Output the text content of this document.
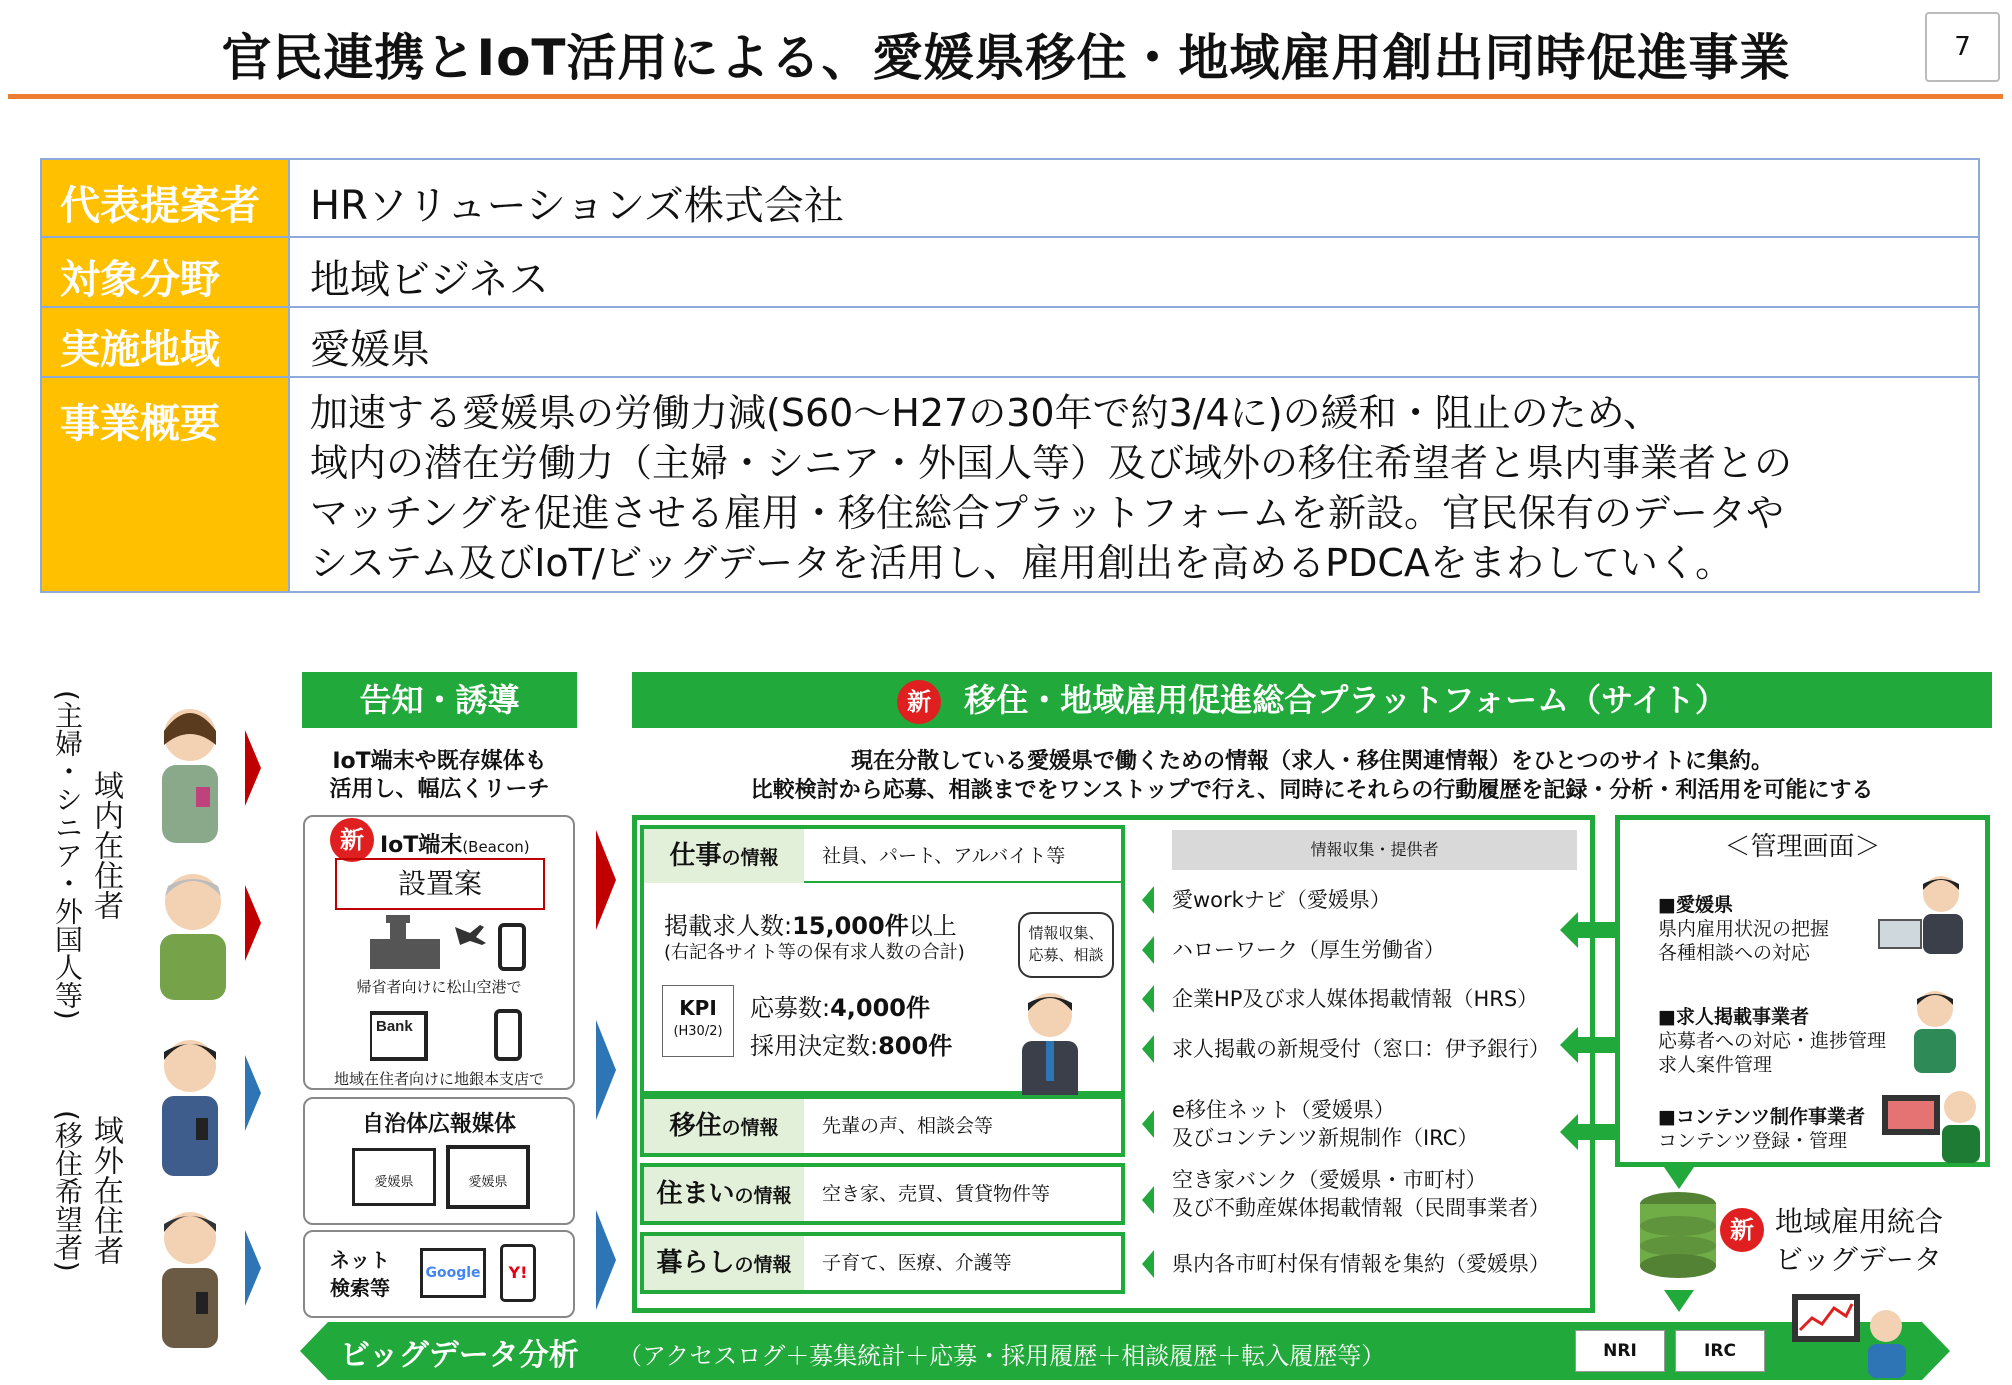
官民連携とIoT活用による、愛媛県移住・地域雇用創出同時促進事業	7
代表提案者	HRソリューションズ株式会社
対象分野	地域ビジネス
実施地域	愛媛県
事業概要	加速する愛媛県の労働力減(S60〜H27の30年で約3/4に)の緩和・阻止のため、
域内の潜在労働力（主婦・シニア・外国人等）及び域外の移住希望者と県内事業者との
マッチングを促進させる雇用・移住総合プラットフォームを新設。官民保有のデータや
システム及びIoT/ビッグデータを活用し、雇用創出を高めるPDCAをまわしていく。
(主婦・シニア・外国人等) 域内在住者
(移住希望者) 域外在住者
告知・誘導
IoT端末や既存媒体も
活用し、幅広くリーチ
新 IoT端末(Beacon)
設置案
帰省者向けに松山空港で
Bank
地域在住者向けに地銀本支店で
自治体広報媒体
愛媛県	愛媛県
ネット
検索等
Google	Y!
新 移住・地域雇用促進総合プラットフォーム（サイト）
現在分散している愛媛県で働くための情報（求人・移住関連情報）をひとつのサイトに集約。
比較検討から応募、相談までをワンストップで行え、同時にそれらの行動履歴を記録・分析・利活用を可能にする
仕事の情報	社員、パート、アルバイト等
掲載求人数:15,000件以上
(右記各サイト等の保有求人数の合計)
KPI
(H30/2)
応募数:4,000件
採用決定数:800件
情報収集、
応募、相談
移住の情報	先輩の声、相談会等
住まいの情報	空き家、売買、賃貸物件等
暮らしの情報	子育て、医療、介護等
情報収集・提供者
愛workナビ（愛媛県）
ハローワーク（厚生労働省）
企業HP及び求人媒体掲載情報（HRS）
求人掲載の新規受付（窓口：伊予銀行）
e移住ネット（愛媛県）
及びコンテンツ新規制作（IRC）
空き家バンク（愛媛県・市町村）
及び不動産媒体掲載情報（民間事業者）
県内各市町村保有情報を集約（愛媛県）
＜管理画面＞
■愛媛県
県内雇用状況の把握
各種相談への対応
■求人掲載事業者
応募者への対応・進捗管理
求人案件管理
■コンテンツ制作事業者
コンテンツ登録・管理
新 地域雇用統合
ビッグデータ
ビッグデータ分析 （アクセスログ＋募集統計＋応募・採用履歴＋相談履歴＋転入履歴等）	NRI	IRC
